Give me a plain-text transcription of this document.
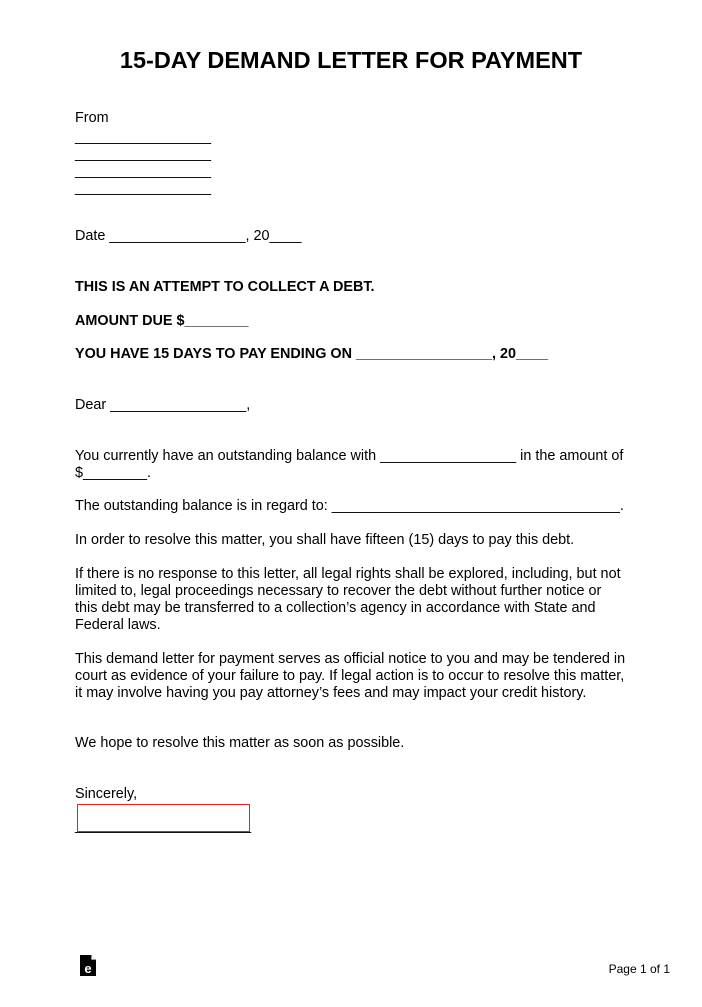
15-DAY DEMAND LETTER FOR PAYMENT
From
_________________
_________________
_________________
_________________
Date _________________, 20____
THIS IS AN ATTEMPT TO COLLECT A DEBT.
AMOUNT DUE $________
YOU HAVE 15 DAYS TO PAY ENDING ON _________________, 20____
Dear _________________,
You currently have an outstanding balance with _________________ in the amount of $________.
The outstanding balance is in regard to: ____________________________________.
In order to resolve this matter, you shall have fifteen (15) days to pay this debt.
If there is no response to this letter, all legal rights shall be explored, including, but not limited to, legal proceedings necessary to recover the debt without further notice or this debt may be transferred to a collection’s agency in accordance with State and Federal laws.
This demand letter for payment serves as official notice to you and may be tendered in court as evidence of your failure to pay. If legal action is to occur to resolve this matter, it may involve having you pay attorney’s fees and may impact your credit history.
We hope to resolve this matter as soon as possible.
Sincerely,
______________________
e	Page 1 of 1
